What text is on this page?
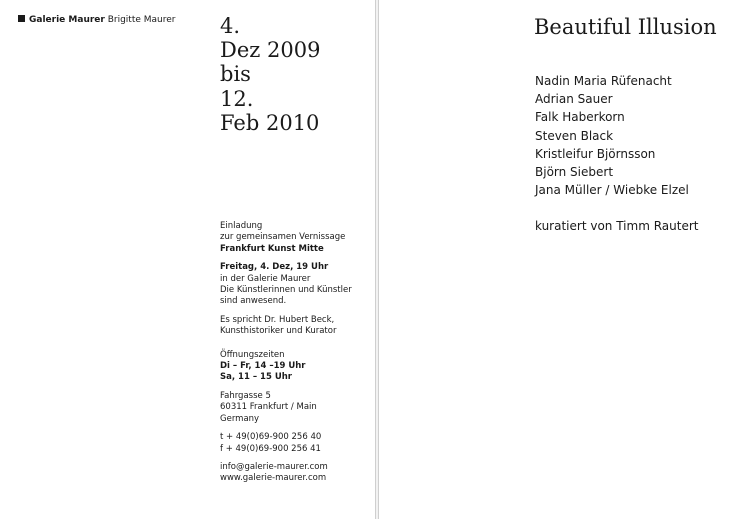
Galerie Maurer Brigitte Maurer 4.
Dez 2009
bis
12.
Feb 2010
Einladung
zur gemeinsamen Vernissage
Frankfurt Kunst Mitte
Freitag, 4. Dez, 19 Uhr
in der Galerie Maurer
Die Künstlerinnen und Künstler
sind anwesend.
Es spricht Dr. Hubert Beck,
Kunsthistoriker und Kurator
Öffnungszeiten
Di – Fr, 14 –19 Uhr
Sa, 11 – 15 Uhr
Fahrgasse 5
60311 Frankfurt / Main
Germany
t + 49(0)69-900 256 40
f + 49(0)69-900 256 41
info@galerie-maurer.com
www.galerie-maurer.com
Beautiful Illusion
Nadin Maria Rüfenacht
Adrian Sauer
Falk Haberkorn
Steven Black
Kristleifur Björnsson
Björn Siebert
Jana Müller / Wiebke Elzel
kuratiert von Timm Rautert
